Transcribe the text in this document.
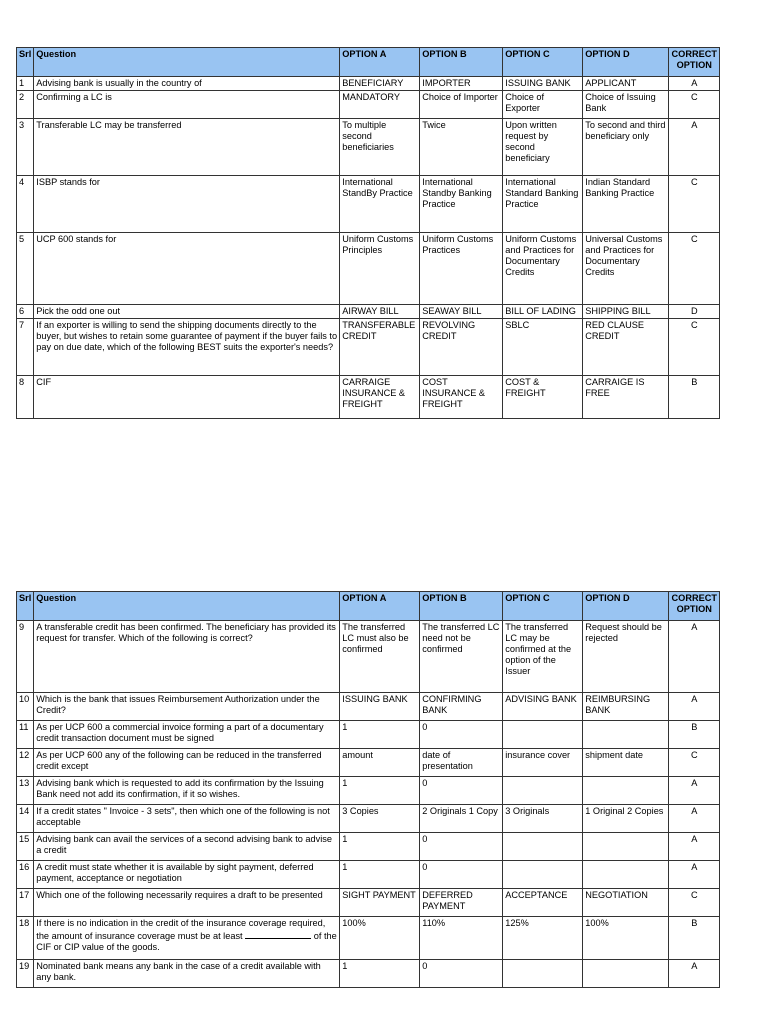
Srl	Question	OPTION A	OPTION B	OPTION C	OPTION D	CORRECT OPTION
1	Advising bank is usually in the country of	BENEFICIARY	IMPORTER	ISSUING BANK	APPLICANT	A
2	Confirming a LC is	MANDATORY	Choice of Importer	Choice of Exporter	Choice of Issuing Bank	C
3	Transferable LC may be transferred	To multiple second beneficiaries	Twice	Upon written request by second beneficiary	To second and third beneficiary only	A
4	ISBP stands for	International StandBy Practice	International Standby Banking Practice	International Standard Banking Practice	Indian Standard Banking Practice	C
5	UCP 600 stands for	Uniform Customs Principles	Uniform Customs Practices	Uniform Customs and Practices for Documentary Credits	Universal Customs and Practices for Documentary Credits	C
6	Pick the odd one out	AIRWAY BILL	SEAWAY BILL	BILL OF LADING	SHIPPING BILL	D
7	If an exporter is willing to send the shipping documents directly to the buyer, but wishes to retain some guarantee of payment if the buyer fails to pay on due date, which of the following BEST suits the exporter's needs?	TRANSFERABLE CREDIT	REVOLVING CREDIT	SBLC	RED CLAUSE CREDIT	C
8	CIF	CARRAIGE INSURANCE & FREIGHT	COST INSURANCE & FREIGHT	COST & FREIGHT	CARRAIGE IS FREE	B
Srl	Question	OPTION A	OPTION B	OPTION C	OPTION D	CORRECT OPTION
9	A transferable credit has been confirmed. The beneficiary has provided its request for transfer. Which of the following is correct?	The transferred LC must also be confirmed	The transferred LC need not be confirmed	The transferred LC may be confirmed at the option of the Issuer	Request should be rejected	A
10	Which is the bank that issues Reimbursement Authorization under the Credit?	ISSUING BANK	CONFIRMING BANK	ADVISING BANK	REIMBURSING BANK	A
11	As per UCP 600 a commercial invoice forming a part of a documentary credit transaction document must be signed	1	0			B
12	As per UCP 600 any of the following can be reduced in the transferred credit except	amount	date of presentation	insurance cover	shipment date	C
13	Advising bank which is requested to add its confirmation by the Issuing Bank need not add its confirmation, if it so wishes.	1	0			A
14	If a credit states " Invoice - 3 sets", then which one of the following is not acceptable	3 Copies	2 Originals 1 Copy	3 Originals	1 Original 2 Copies	A
15	Advising bank can avail the services of a second advising bank to advise a credit	1	0			A
16	A credit must state whether it is available by sight payment, deferred payment, acceptance or negotiation	1	0			A
17	Which one of the following necessarily requires a draft to be presented	SIGHT PAYMENT	DEFERRED PAYMENT	ACCEPTANCE	NEGOTIATION	C
18	If there is no indication in the credit of the insurance coverage required, the amount of insurance coverage must be at least of the CIF or CIP value of the goods.	100%	110%	125%	100%	B
19	Nominated bank means any bank in the case of a credit available with any bank.	1	0			A
